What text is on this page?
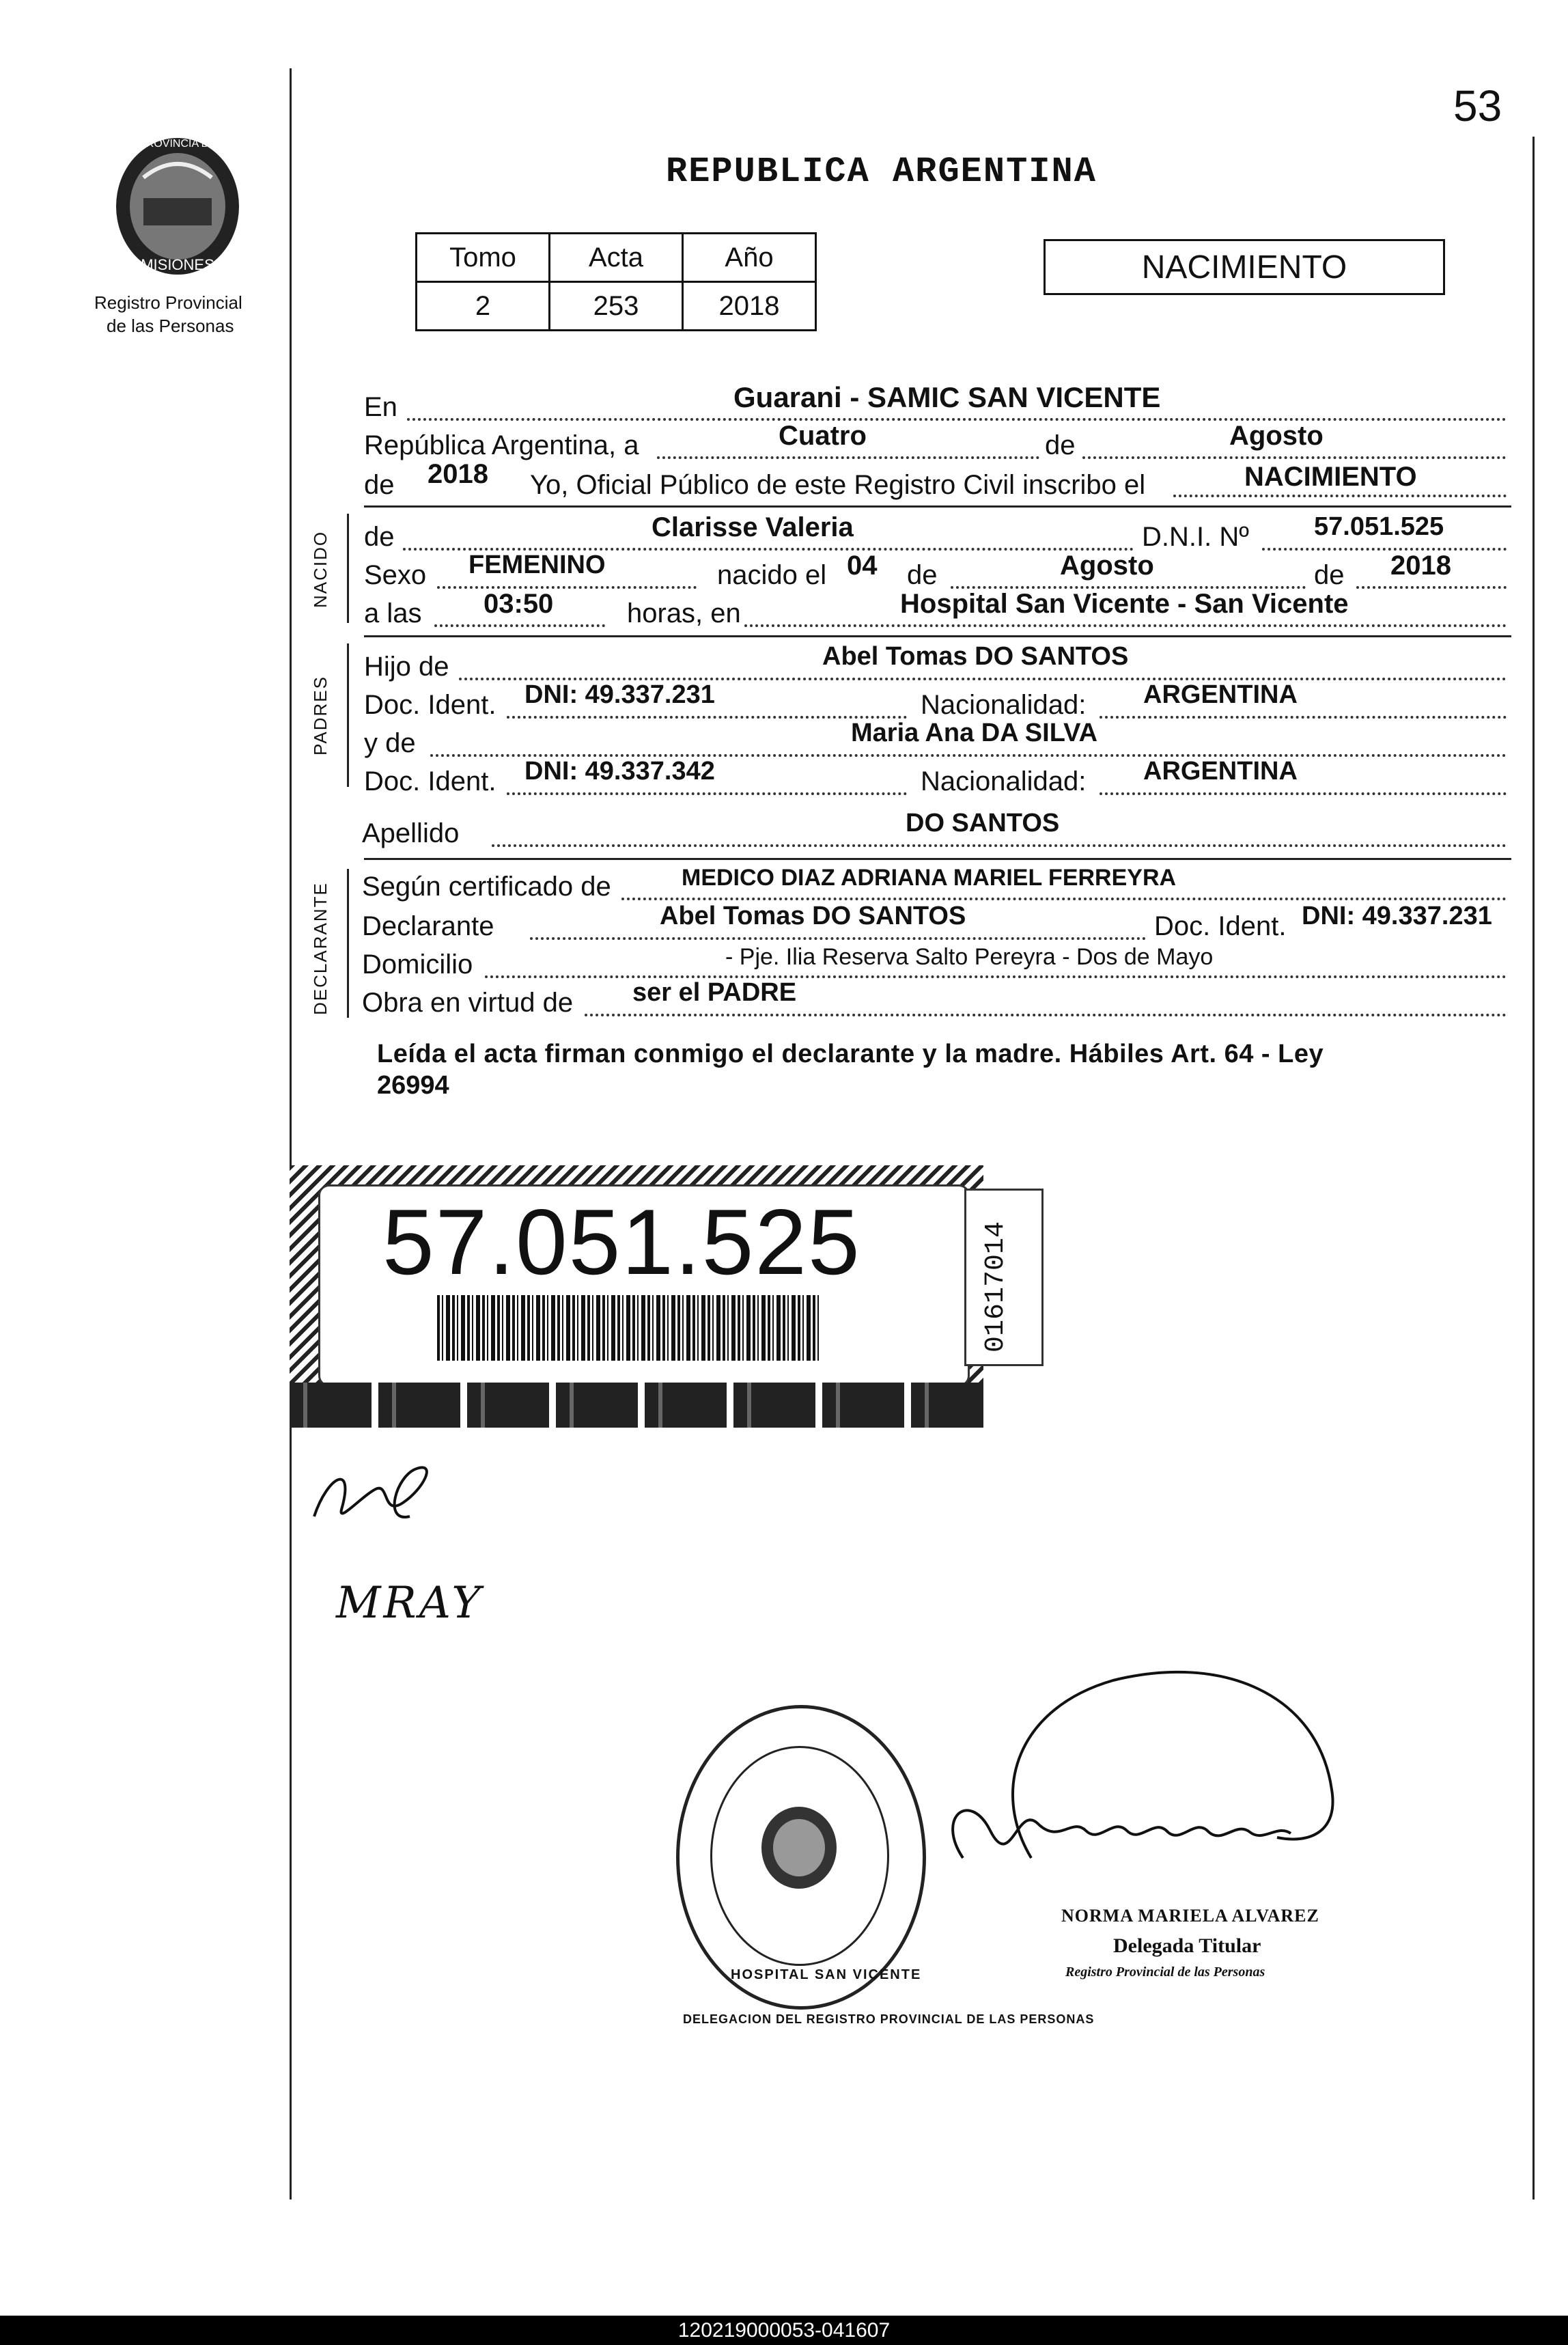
53
PROVINCIA DE
MISIONES
Registro Provincial
de las Personas
REPUBLICA ARGENTINA
Tomo	Acta	Año
2	253	2018
NACIMIENTO
En	Guarani - SAMIC SAN VICENTE
República Argentina, a	Cuatro	de	Agosto
de 2018 Yo, Oficial Público de este Registro Civil inscribo el	NACIMIENTO
NACIDO de	Clarisse Valeria	D.N.I. Nº	57.051.525
Sexo FEMENINO	nacido el 04 de	Agosto	de 2018
a las 03:50	horas, en	Hospital San Vicente - San Vicente
PADRES
Hijo de	Abel Tomas DO SANTOS
Doc. Ident. DNI: 49.337.231	Nacionalidad: ARGENTINA
y de	Maria Ana DA SILVA
Doc. Ident. DNI: 49.337.342	Nacionalidad: ARGENTINA
Apellido	DO SANTOS
DECLARANTE Según certificado de	MEDICO DIAZ ADRIANA MARIEL FERREYRA
Declarante	Abel Tomas DO SANTOS	Doc. Ident. DNI: 49.337.231
Domicilio	- Pje. Ilia Reserva Salto Pereyra - Dos de Mayo
Obra en virtud de ser el PADRE
Leída el acta firman conmigo el declarante y la madre. Hábiles Art. 64 - Ley
26994
57.051.525	01617014
MRAY
DELEGACION DEL REGISTRO PROVINCIAL DE LAS PERSONAS
HOSPITAL SAN VICENTE
NORMA MARIELA ALVAREZ
Delegada Titular
Registro Provincial de las Personas
120219000053-041607
